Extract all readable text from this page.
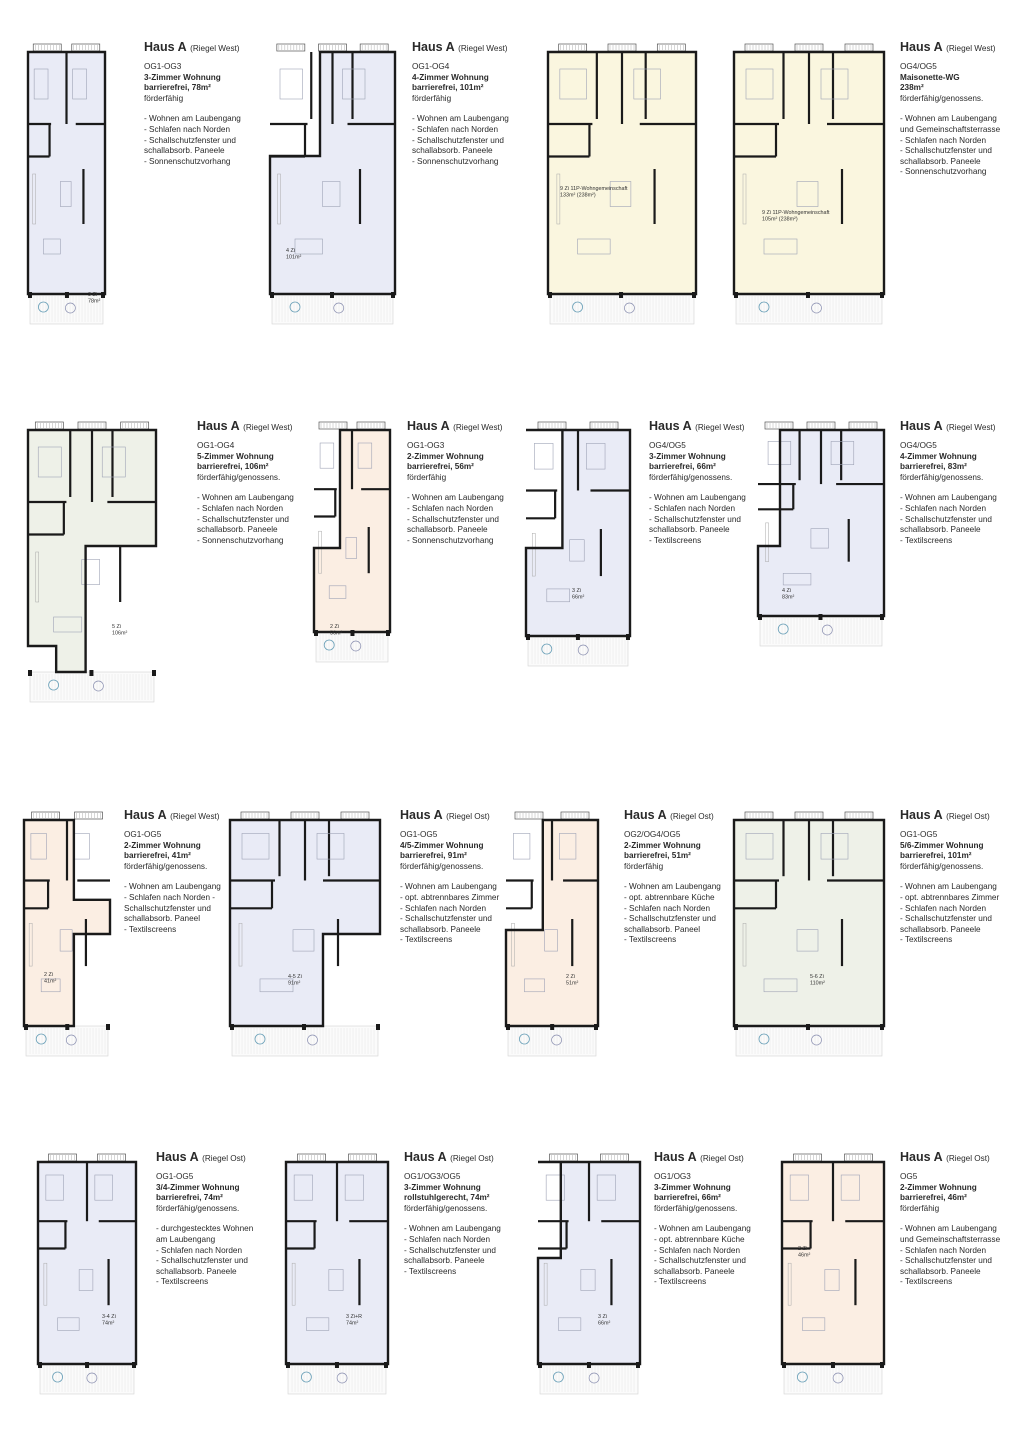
3 Zi
78m²
Haus A (Riegel West)
OG1-OG3
3-Zimmer Wohnung
barrierefrei, 78m²
förderfähig
- Wohnen am Laubengang
- Schlafen nach Norden
- Schallschutzfenster und
schallabsorb. Paneele
- Sonnenschutzvorhang
4 Zi
101m²
Haus A (Riegel West)
OG1-OG4
4-Zimmer Wohnung
barrierefrei, 101m²
förderfähig
- Wohnen am Laubengang
- Schlafen nach Norden
- Schallschutzfenster und
schallabsorb. Paneele
- Sonnenschutzvorhang
9 Zi 11P-Wohngemeinschaft
133m² (238m²)
9 Zi 11P-Wohngemeinschaft
105m² (238m²)
Haus A (Riegel West)
OG4/OG5
Maisonette-WG
238m²
förderfähig/genossens.
- Wohnen am Laubengang
und Gemeinschaftsterrasse
- Schlafen nach Norden
- Schallschutzfenster und
schallabsorb. Paneele
- Sonnenschutzvorhang
5 Zi
106m²
Haus A (Riegel West)
OG1-OG4
5-Zimmer Wohnung
barrierefrei, 106m²
förderfähig/genossens.
- Wohnen am Laubengang
- Schlafen nach Norden
- Schallschutzfenster und
schallabsorb. Paneele
- Sonnenschutzvorhang
2 Zi
56m²
Haus A (Riegel West)
OG1-OG3
2-Zimmer Wohnung
barrierefrei, 56m²
förderfähig
- Wohnen am Laubengang
- Schlafen nach Norden
- Schallschutzfenster und
schallabsorb. Paneele
- Sonnenschutzvorhang
3 Zi
66m²
Haus A (Riegel West)
OG4/OG5
3-Zimmer Wohnung
barrierefrei, 66m²
förderfähig/genossens.
- Wohnen am Laubengang
- Schlafen nach Norden
- Schallschutzfenster und
schallabsorb. Paneele
- Textilscreens
4 Zi
83m²
Haus A (Riegel West)
OG4/OG5
4-Zimmer Wohnung
barrierefrei, 83m²
förderfähig/genossens.
- Wohnen am Laubengang
- Schlafen nach Norden
- Schallschutzfenster und
schallabsorb. Paneele
- Textilscreens
2 Zi
41m²
Haus A (Riegel West)
OG1-OG5
2-Zimmer Wohnung
barrierefrei, 41m²
förderfähig/genossens.
- Wohnen am Laubengang
- Schlafen nach Norden -
Schallschutzfenster und
schallabsorb. Paneel
- Textilscreens
4-5 Zi
91m²
Haus A (Riegel Ost)
OG1-OG5
4/5-Zimmer Wohnung
barrierefrei, 91m²
förderfähig/genossens.
- Wohnen am Laubengang
- opt. abtrennbares Zimmer
- Schlafen nach Norden
- Schallschutzfenster und
schallabsorb. Paneele
- Textilscreens
2 Zi
51m²
Haus A (Riegel Ost)
OG2/OG4/OG5
2-Zimmer Wohnung
barrierefrei, 51m²
förderfähig
- Wohnen am Laubengang
- opt. abtrennbare Küche
- Schlafen nach Norden
- Schallschutzfenster und
schallabsorb. Paneel
- Textilscreens
5-6 Zi
110m²
Haus A (Riegel Ost)
OG1-OG5
5/6-Zimmer Wohnung
barrierefrei, 101m²
förderfähig/genossens.
- Wohnen am Laubengang
- opt. abtrennbares Zimmer
- Schlafen nach Norden
- Schallschutzfenster und
schallabsorb. Paneele
- Textilscreens
3-4 Zi
74m²
Haus A (Riegel Ost)
OG1-OG5
3/4-Zimmer Wohnung
barrierefrei, 74m²
förderfähig/genossens.
- durchgestecktes Wohnen
am Laubengang
- Schlafen nach Norden
- Schallschutzfenster und
schallabsorb. Paneele
- Textilscreens
3 Zi+R
74m²
Haus A (Riegel Ost)
OG1/OG3/OG5
3-Zimmer Wohnung
rollstuhlgerecht, 74m²
förderfähig/genossens.
- Wohnen am Laubengang
- Schlafen nach Norden
- Schallschutzfenster und
schallabsorb. Paneele
- Textilscreens
3 Zi
66m²
Haus A (Riegel Ost)
OG1/OG3
3-Zimmer Wohnung
barrierefrei, 66m²
förderfähig/genossens.
- Wohnen am Laubengang
- opt. abtrennbare Küche
- Schlafen nach Norden
- Schallschutzfenster und
schallabsorb. Paneele
- Textilscreens
2 Zi
46m²
Haus A (Riegel Ost)
OG5
2-Zimmer Wohnung
barrierefrei, 46m²
förderfähig
- Wohnen am Laubengang
und Gemeinschaftsterrasse
- Schlafen nach Norden
- Schallschutzfenster und
schallabsorb. Paneele
- Textilscreens
